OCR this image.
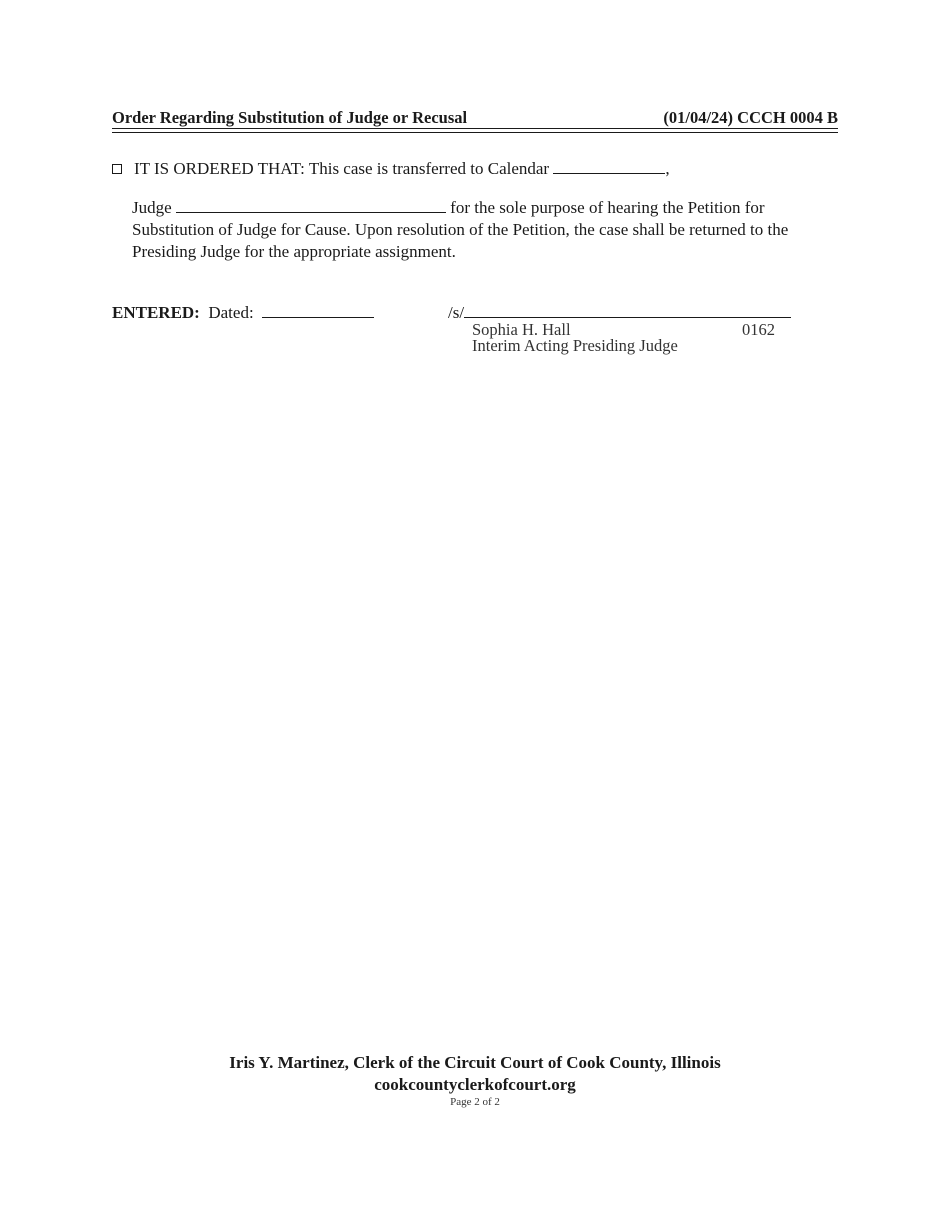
Order Regarding Substitution of Judge or Recusal	(01/04/24) CCCH 0004 B
IT IS ORDERED THAT: This case is transferred to Calendar	,
Judge	for the sole purpose of hearing the Petition for Substitution of Judge for Cause. Upon resolution of the Petition, the case shall be returned to the Presiding Judge for the appropriate assignment.
ENTERED: Dated:	/s/
Sophia H. Hall	0162
Interim Acting Presiding Judge
Iris Y. Martinez, Clerk of the Circuit Court of Cook County, Illinois
cookcountyclerkofcourt.org
Page 2 of 2
